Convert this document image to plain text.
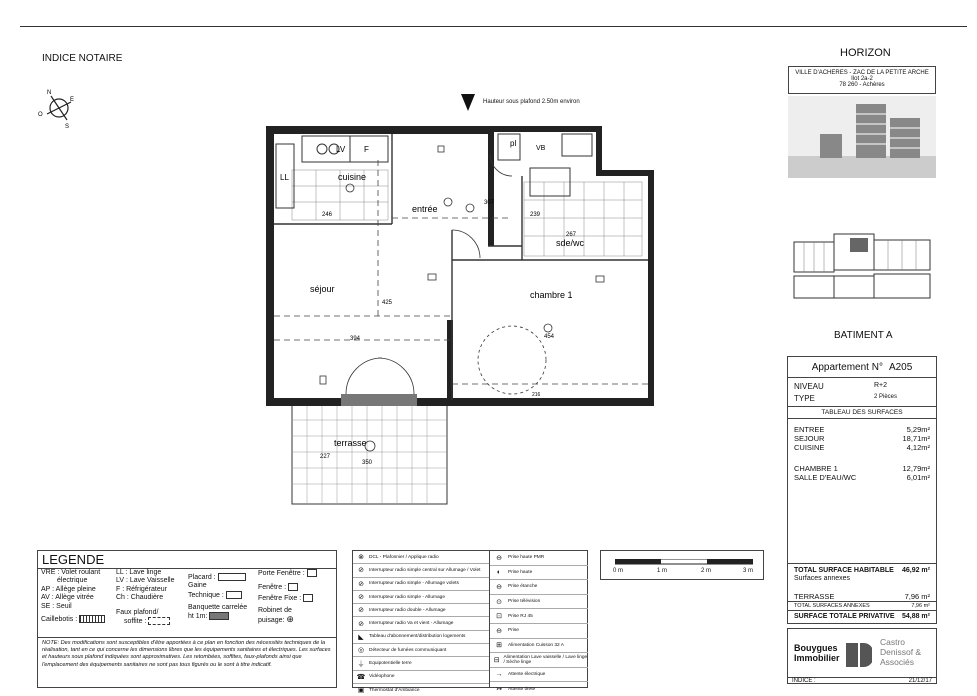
INDICE NOTAIRE	HORIZON
N
E
O
S
Hauteur sous plafond 2.50m environ
cuisine
entrée
séjour
chambre 1
sde/wc
terrasse
LL
LV F
pl
VB
246
307
239
267
425
394	454
227
350
216
VILLE D'ACHERES - ZAC DE LA PETITE ARCHE
Ilot 2a-2
78 260 - Achères
BATIMENT A
Appartement N° A205
NIVEAU	R+2
TYPE	2 Pièces
TABLEAU DES SURFACES
ENTREE	5,29m²
SEJOUR	18,71m²
CUISINE	4,12m²
CHAMBRE 1	12,79m²
SALLE D'EAU/WC	6,01m²
TOTAL SURFACE HABITABLE 46,92 m²
Surfaces annexes
TERRASSE	7,96 m²
TOTAL SURFACES ANNEXES	7,96 m²
SURFACE TOTALE PRIVATIVE 54,88 m²
LEGENDE
VRE : Volet roulant
électrique
AP : Allège pleine
AV : Allège vitrée
SE : Seuil
Caillebotis :
LL : Lave linge
LV : Lave Vaisselle
F : Réfrigérateur
Ch : Chaudière
Faux plafond/
soffite :
Placard :
Gaine
Technique :
Banquette carrelée
ht 1m:
Porte Fenêtre :
Fenêtre :
Fenêtre Fixe :
Robinet de
puisage: ⊕
NOTE: Des modifications sont susceptibles d'être apportées à ce plan en fonction des nécessités techniques de la réalisation, tant en ce qui concerne les dimensions libres que les équipements sanitaires et électriques. Les surfaces et hauteurs sous plafond indiquées sont approximatives. Les retombées, soffites, faux-plafonds ainsi que l'emplacement des équipements sanitaires ne sont pas tous figurés ou le sont à titre indicatif.
⊗	DCL - Plafonnier / Applique radio
⊘	Interrupteur radio simple central sur Allumage / Volet
⊘	Interrupteur radio simple - Allumage volets
⊘	Interrupteur radio simple - Allumage
⊘	Interrupteur radio double - Allumage
⊘	Interrupteur radio Va et vient - Allumage
◣	Tableau d'abonnement/distribution logements
◎	Détecteur de fumées communiquant
⏚ Equipotentielle terre
☎ Vidéophone
▣ Thermostat d'Ambiance
⊖	Prise haute PMR
◐	Prise haute
⊖	Prise étanche
⊙	Prise télévision
⊡	Prise RJ 45
⊖	Prise
⊞	Alimentation Cuisson 32 A
⊟ Alimentation Lave vaisselle / Lave linge / Sèche linge
→	Attente électrique
↣	Attente tirete
0 m	1 m	2 m	3 m
Bouygues
Immobilier
Castro
Denissof &
Associés
INDICE :	21/12/17
